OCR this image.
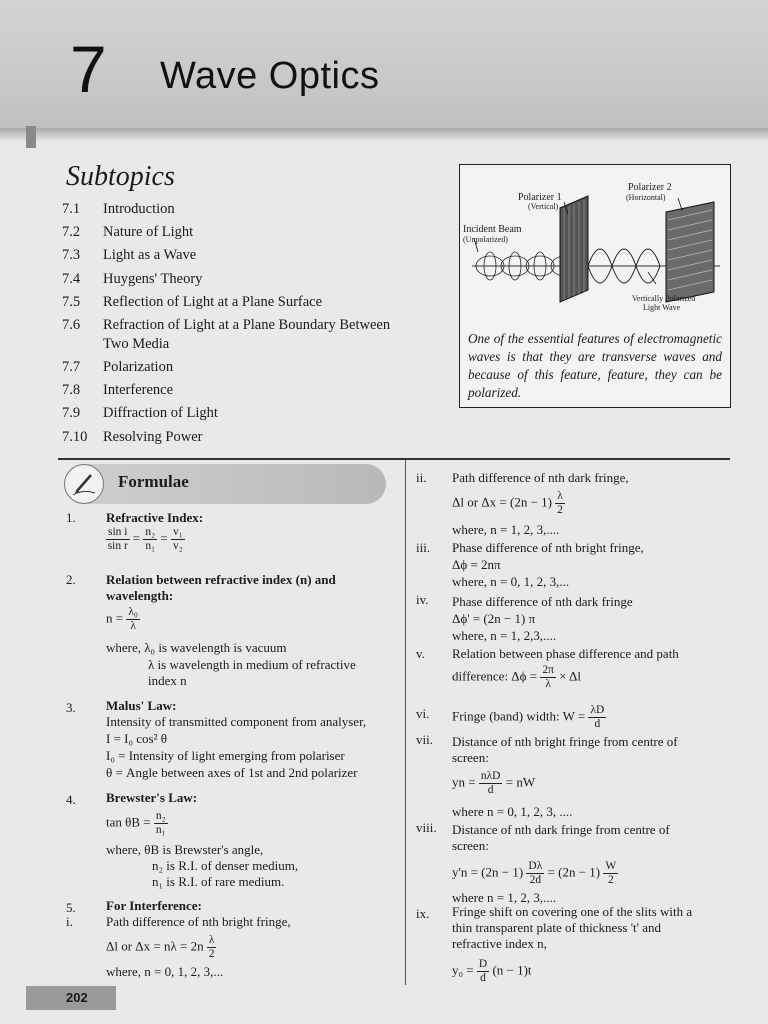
7 Wave Optics
Subtopics
7.1	Introduction
7.2	Nature of Light
7.3	Light as a Wave
7.4	Huygens' Theory
7.5	Reflection of Light at a Plane Surface
7.6	Refraction of Light at a Plane Boundary Between Two Media
7.7	Polarization
7.8	Interference
7.9	Diffraction of Light
7.10	Resolving Power
Polarizer 1
(Vertical)
Polarizer 2
(Horizontal)
Incident Beam
(Unpolarized)
Vertically Polarized
Light Wave
One of the essential features of electromagnetic waves is that they are transverse waves and because of this feature, feature, they can be polarized.
Formulae
1. Refractive Index:
$\frac{\text{sin i}}{\text{sin r}} = \frac{\text{n₂}}{\text{n₁}} = \frac{\text{v₁}}{\text{v₂}}$
2. Relation between refractive index (n) and
wavelength:
$n = \frac{\text{λ₀}}{\lambda}$
where, λ₀ is wavelength is vacuum
λ is wavelength in medium of refractive
index n
3. Malus' Law:
Intensity of transmitted component from analyser,
I = I₀ cos² θ
I₀ = Intensity of light emerging from polariser
θ = Angle between axes of 1st and 2nd polarizer
4. Brewster's Law:
$\tan \theta B = \frac{\text{n₂}}{\text{n₁}}$
where, θB is Brewster's angle,
n₂ is R.I. of denser medium,
n₁ is R.I. of rare medium.
5. For Interference:
i.	Path difference of nth bright fringe,
Δl or $\Delta x = n\lambda = 2n \frac{\lambda}{2}$
where, n = 0, 1, 2, 3,...
ii. Path difference of nth dark fringe,
Δl or $\Delta x = (2n - 1) \frac{\lambda}{2}$
where, n = 1, 2, 3,....
iii. Phase difference of nth bright fringe,
Δϕ = 2nπ
where, n = 0, 1, 2, 3,...
iv. Phase difference of nth dark fringe
Δϕ' = (2n − 1) π
where, n = 1, 2,3,....
v. Relation between phase difference and path
difference: $\Delta\phi = \frac{2\pi}{\lambda} \times \Delta l$
vi. Fringe (band) width: $W = \frac{\lambda D}{d}$
vii. Distance of nth bright fringe from centre of
screen:
yn = $\frac{\text{nλD}}{d}$ = nW
where n = 0, 1, 2, 3, ....
viii. Distance of nth dark fringe from centre of
screen:
$y'n = (2n - 1) \frac{D\lambda}{2d} = (2n - 1) \frac{W}{2}$
where n = 1, 2, 3,....
ix. Fringe shift on covering one of the slits with a
thin transparent plate of thickness 't' and
refractive index n,
$y_0 = \frac{D}{d} (n - 1)t$
202
